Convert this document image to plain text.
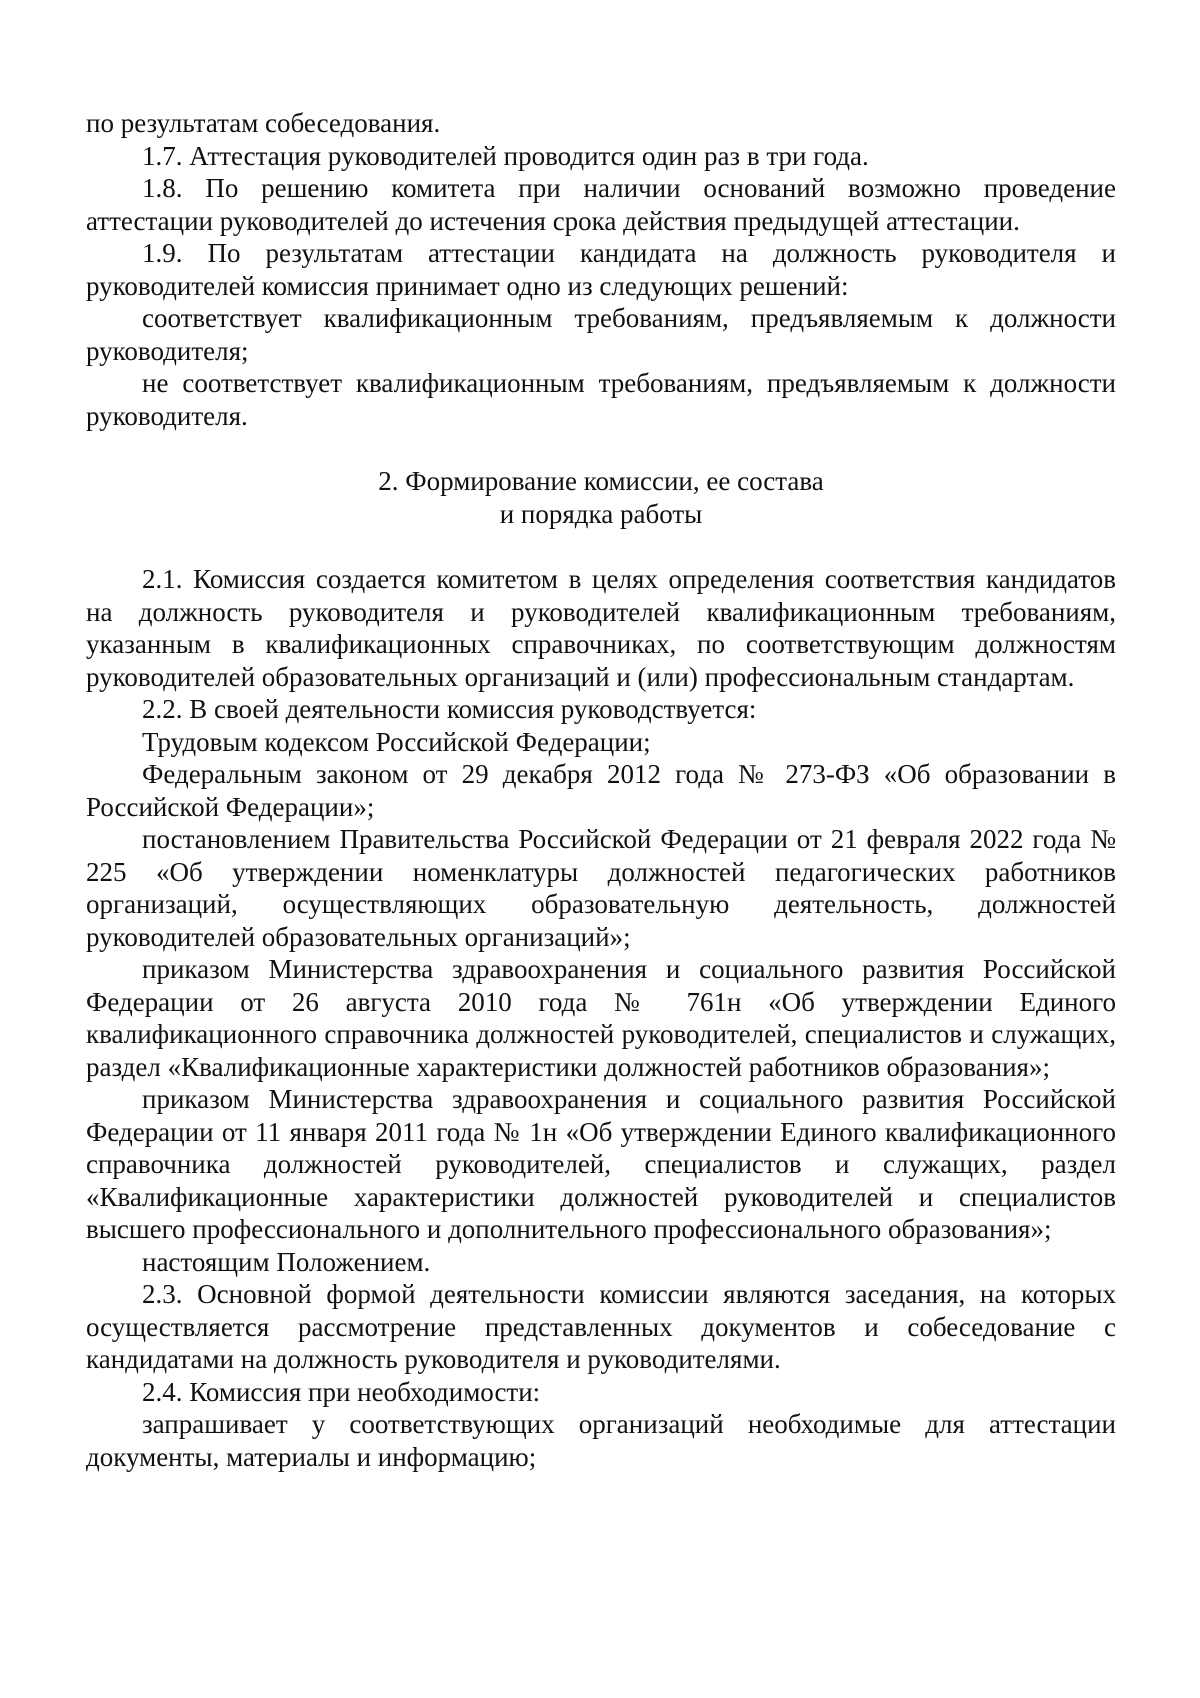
по результатам собеседования.

1.7. Аттестация руководителей проводится один раз в три года.

1.8. По решению комитета при наличии оснований возможно проведение аттестации руководителей до истечения срока действия предыдущей аттестации.

1.9. По результатам аттестации кандидата на должность руководителя и руководителей комиссия принимает одно из следующих решений:

соответствует квалификационным требованиям, предъявляемым к должности руководителя;

не соответствует квалификационным требованиям, предъявляемым к должности руководителя.

2. Формирование комиссии, ее состава
и порядка работы

2.1. Комиссия создается комитетом в целях определения соответствия кандидатов на должность руководителя и руководителей квалификационным требованиям, указанным в квалификационных справочниках, по соответствующим должностям руководителей образовательных организаций и (или) профессиональным стандартам.

2.2. В своей деятельности комиссия руководствуется:

Трудовым кодексом Российской Федерации;

Федеральным законом от 29 декабря 2012 года № 273-ФЗ «Об образовании в Российской Федерации»;

постановлением Правительства Российской Федерации от 21 февраля 2022 года № 225 «Об утверждении номенклатуры должностей педагогических работников организаций, осуществляющих образовательную деятельность, должностей руководителей образовательных организаций»;

приказом Министерства здравоохранения и социального развития Российской Федерации от 26 августа 2010 года № 761н «Об утверждении Единого квалификационного справочника должностей руководителей, специалистов и служащих, раздел «Квалификационные характеристики должностей работников образования»;

приказом Министерства здравоохранения и социального развития Российской Федерации от 11 января 2011 года № 1н «Об утверждении Единого квалификационного справочника должностей руководителей, специалистов и служащих, раздел «Квалификационные характеристики должностей руководителей и специалистов высшего профессионального и дополнительного профессионального образования»;

настоящим Положением.

2.3. Основной формой деятельности комиссии являются заседания, на которых осуществляется рассмотрение представленных документов и собеседование с кандидатами на должность руководителя и руководителями.

2.4. Комиссия при необходимости:

запрашивает у соответствующих организаций необходимые для аттестации документы, материалы и информацию;
